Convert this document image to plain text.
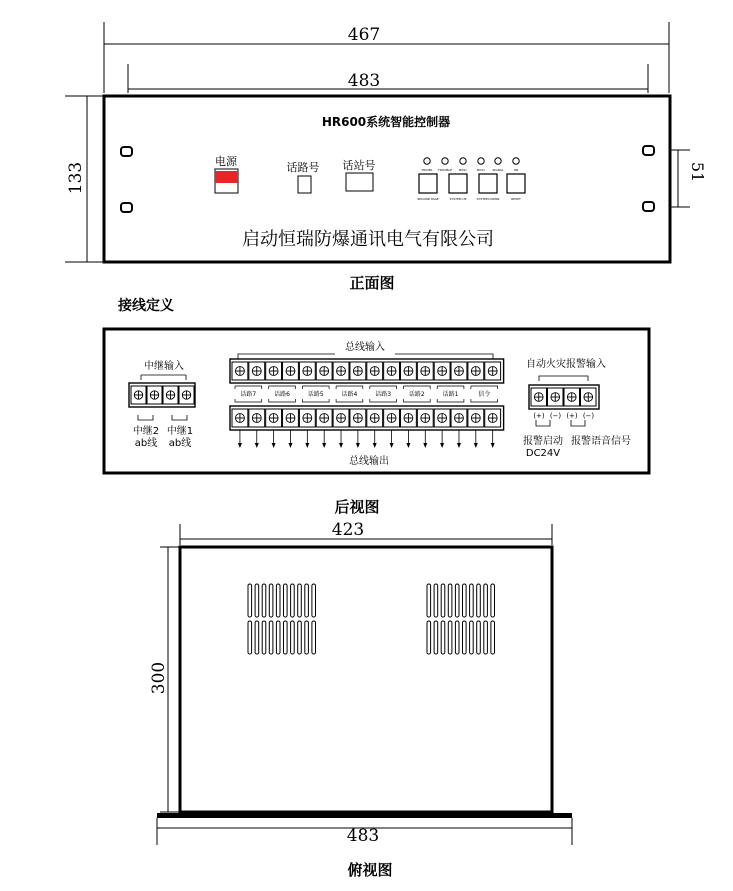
467
483
133	51
HR600系统智能控制器
电源	话路号 话站号	TRIOBL	TROUBLE BUSY	BUSY SIGNAL	ON
SECOND PAGE	SYSTEM UP	SYSTEM DOWN	RESET
启动恒瑞防爆通讯电气有限公司
正面图
接线定义
中继输入
中继2
ab线
中继1
ab线
总线输入
话路7	话路6	话路5	话路4	话路3	话路2	话路1	信令
总线输出
自动火灾报警输入
(+) (−) (+) (−)
报警启动
DC24V
报警语音信号
后视图
423
300
483
俯视图
